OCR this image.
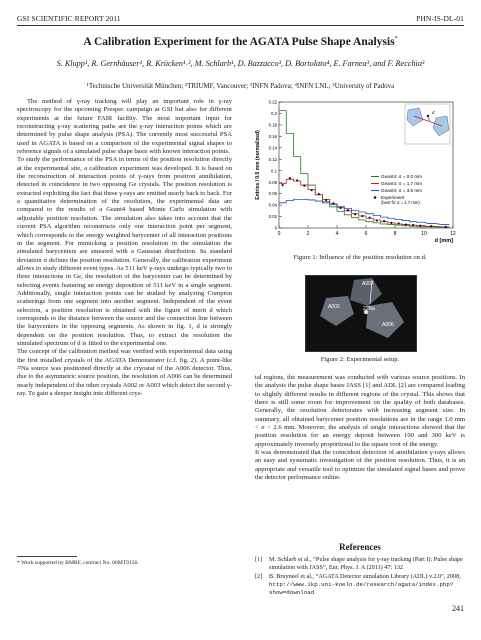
GSI SCIENTIFIC REPORT 2011	PHN-IS-DL-01
A Calibration Experiment for the AGATA Pulse Shape Analysis*
S. Klupp¹, R. Gernhäuser¹, R. Krücken¹˒², M. Schlarb¹, D. Bazzacco³, D. Bortolato⁴, E. Farnea³, and F. Recchia³
¹Technische Universität München; ²TRIUMF, Vancouver; ³INFN Padova; ⁴INFN LNL; ⁵University of Padova

The method of γ-ray tracking will play an important role in γ-ray spectroscopy for the upcoming Prespec campaign at GSI but also for different experiments at the future FAIR facility. The most important input for reconstructing γ-ray scattering paths are the γ-ray interaction points which are determined by pulse shape analysis (PSA). The currently most successful PSA used in AGATA is based on a comparison of the experimental signal shapes to reference signals of a simulated pulse shape basis with known interaction points.

To study the performance of the PSA in terms of the position resolution directly at the experimental site, a calibration experiment was developed. It is based on the reconstruction of interaction points of γ-rays from positron annihilation, detected in coincidence in two opposing Ge crystals. The position resolution is extracted exploiting the fact that these γ-rays are emitted nearly back to back. For a quantitative determination of the resolution, the experimental data are compared to the results of a Geant4 based Monte Carlo simulation with adjustable position resolution. The simulation also takes into account that the current PSA algorithm reconstructs only one interaction point per segment, which corresponds to the energy weighted barycenter of all interaction positions in the segment. For mimicking a position resolution in the simulation the simulated barycenters are smeared with a Gaussian distribution. Its standard deviation σ defines the position resolution. Generally, the calibration experiment allows to study different event types. As 511 keV γ-rays undergo typically two to three interactions in Ge, the resolution of the barycenter can be determined by selecting events featuring an energy deposition of 511 keV in a single segment. Additionally, single interaction points can be studied by analyzing Compton scatterings from one segment into another segment. Independent of the event selection, a position resolution is obtained with the figure of merit d which corresponds to the distance between the source and the connection line between the barycenters in the opposing segments. As shown in fig. 1, d is strongly dependent on the position resolution. Thus, to extract the resolution the simulated spectrum of d is fitted to the experimental one.

The concept of the calibration method was verified with experimental data using the first installed crystals of the AGATA Demonstrator (c.f. fig. 2). A point-like ²²Na source was positioned directly at the cryostat of the A006 detector. Thus, due to the asymmetric source position, the resolution of A006 can be determined nearly independent of the other crystals A002 or A003 which detect the second γ-ray. To gain a deeper insight into different crys-

* Work supported by BMBF, contract No. 06MT9156.
0	2	4	6	8	10	12
0
0.02
0.04
0.06
0.08
0.1
0.12
0.14
0.16
0.18
0.2
0.22
d [mm]
Entries / 0.5 mm (normalized)	Geant4: σ = 0.0 mm
Geant4: σ = 1.7 mm
Geant4: σ = 3.5 mm
Experiment
(best fit: σ = 1.7 mm)
d
Figure 1: Influence of the position resolution on d.
A002
A003	22Na
A006
Figure 2: Experimental setup.

tal regions, the measurement was conducted with various source positions. In the analysis the pulse shape bases JASS [1] and ADL [2] are compared leading to slightly different results in different regions of the crystal. This shows that there is still some room for improvement on the quality of both databases. Generally, the resolution deteriorates with increasing segment size. In summary, all obtained barycenter position resolutions are in the range 1.0 mm < σ < 2.6 mm. Moreover, the analysis of single interactions showed that the position resolution for an energy deposit between 100 and 300 keV is approximately inversely proportional to the square root of the energy.

It was demonstrated that the coincident detection of annihilation γ-rays allows an easy and systematic investigation of the position resolution. Thus, it is an appropriate and versatile tool to optimize the simulated signal bases and prove the detector performance online.

References
[1]	M. Schlarb et al., “Pulse shape analysis for γ-ray tracking (Part I): Pulse shape simulation with JASS”, Eur. Phys. J. A (2011) 47: 132
[2]	B. Bruyneel et al., “AGATA Detector simulation Library (ADL) v.2.0”, 2008, http://www.ikp.uni-koeln.de/research/agata/index.php?show=download
241
